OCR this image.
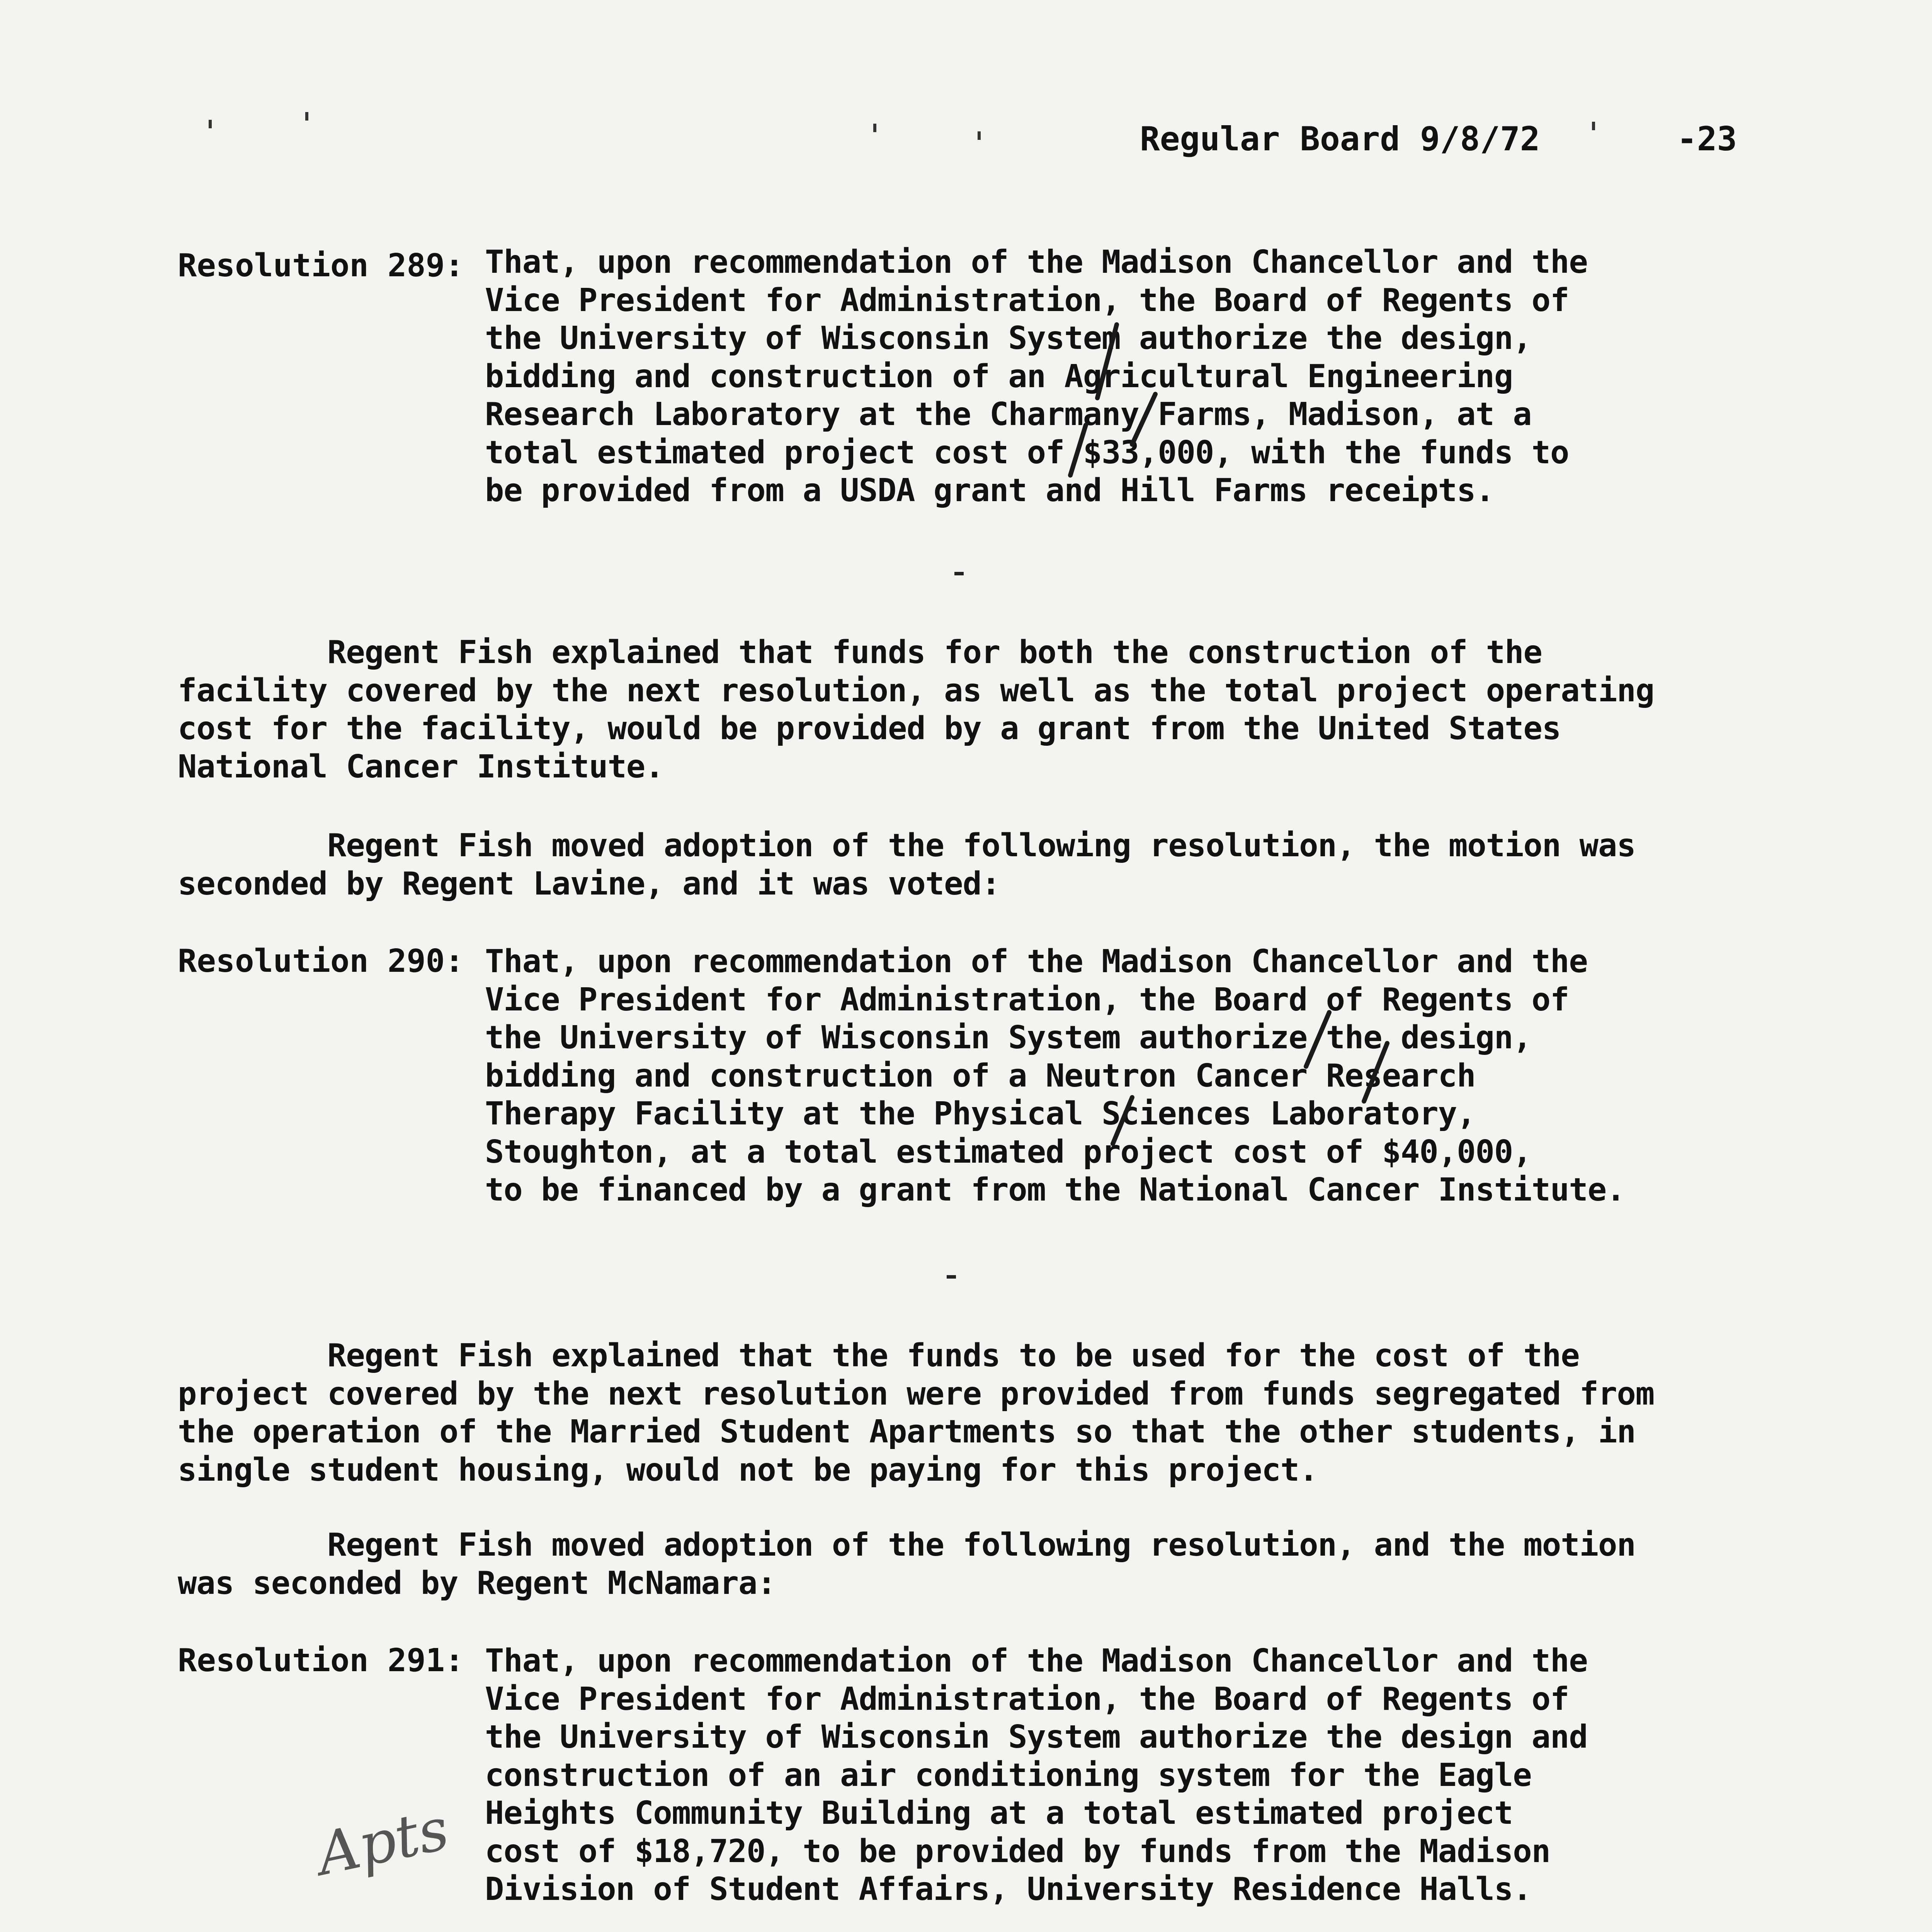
Regular Board 9/8/72	-23
Resolution 289: That, upon recommendation of the Madison Chancellor and the
Vice President for Administration, the Board of Regents of
the University of Wisconsin System authorize the design,
bidding and construction of an Agricultural Engineering
Research Laboratory at the Charmany Farms, Madison, at a
total estimated project cost of $33,000, with the funds to
be provided from a USDA grant and Hill Farms receipts.
Regent Fish explained that funds for both the construction of the
facility covered by the next resolution, as well as the total project operating
cost for the facility, would be provided by a grant from the United States
National Cancer Institute.
Regent Fish moved adoption of the following resolution, the motion was
seconded by Regent Lavine, and it was voted:
Resolution 290: That, upon recommendation of the Madison Chancellor and the
Vice President for Administration, the Board of Regents of
the University of Wisconsin System authorize the design,
bidding and construction of a Neutron Cancer Research
Therapy Facility at the Physical Sciences Laboratory,
Stoughton, at a total estimated project cost of $40,000,
to be financed by a grant from the National Cancer Institute.
Regent Fish explained that the funds to be used for the cost of the
project covered by the next resolution were provided from funds segregated from
the operation of the Married Student Apartments so that the other students, in
single student housing, would not be paying for this project.
Regent Fish moved adoption of the following resolution, and the motion
was seconded by Regent McNamara:
Resolution 291: That, upon recommendation of the Madison Chancellor and the
Vice President for Administration, the Board of Regents of
the University of Wisconsin System authorize the design and
construction of an air conditioning system for the Eagle
Heights Community Building at a total estimated project
cost of $18,720, to be provided by funds from the Madison
Division of Student Affairs, University Residence Halls.
Apts
